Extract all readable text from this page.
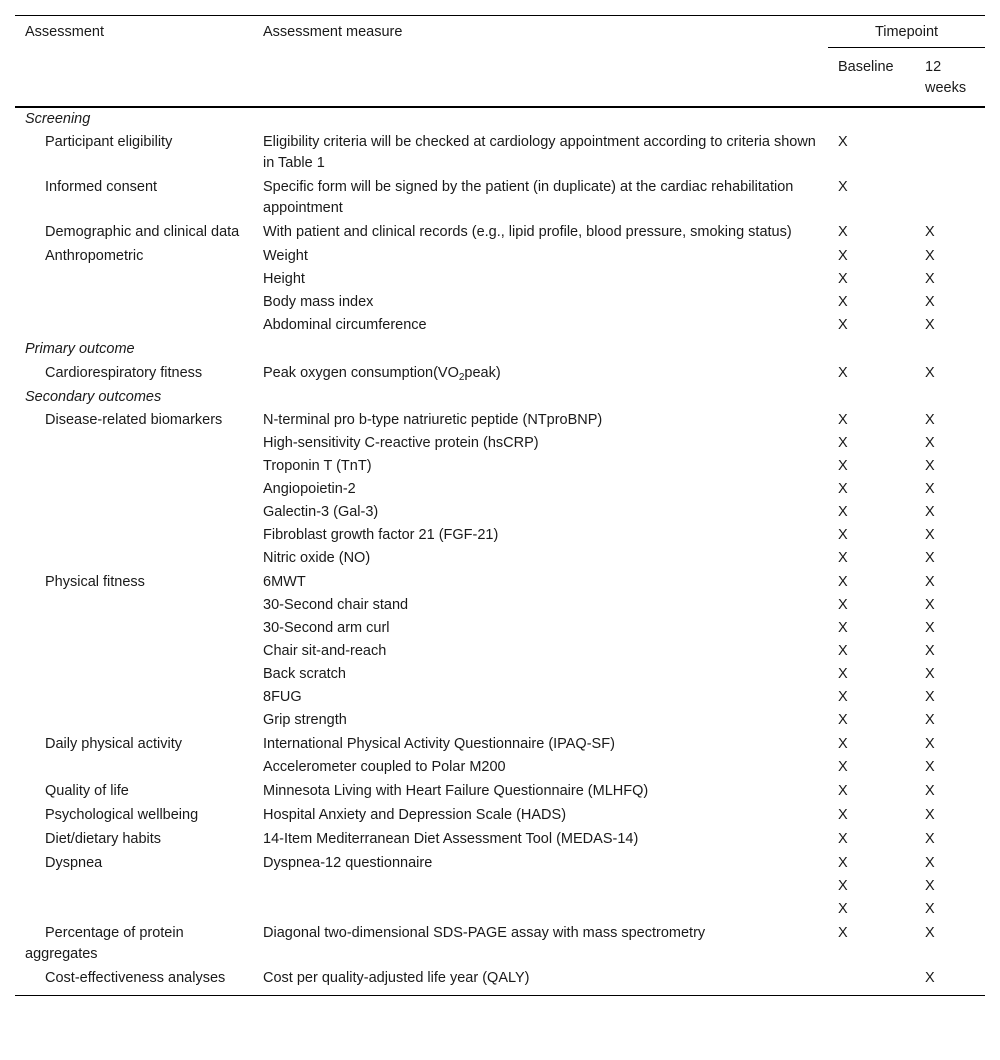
Assessment	Assessment measure	Timepoint	

		Baseline	12 weeks
Screening			
Participant eligibility	Eligibility criteria will be checked at cardiology appointment according to criteria shown in Table 1	X	
Informed consent	Specific form will be signed by the patient (in duplicate) at the cardiac rehabilitation appointment	X	
Demographic and clinical data	With patient and clinical records (e.g., lipid profile, blood pressure, smoking status)	X	X
Anthropometric	Weight	X	X
	Height	X	X
	Body mass index	X	X
	Abdominal circumference	X	X
Primary outcome			
Cardiorespiratory fitness	Peak oxygen $consumption(VO_2peak)$	X	X
Secondary outcomes			
Disease-related biomarkers	N-terminal pro b-type natriuretic peptide (NTproBNP)	X	X
	High-sensitivity C-reactive protein (hsCRP)	X	X
	Troponin T (TnT)	X	X
	Angiopoietin-2	X	X
	Galectin-3 (Gal-3)	X	X
	Fibroblast growth factor 21 (FGF-21)	X	X
	Nitric oxide (NO)	X	X
Physical fitness	6MWT	X	X
	30-Second chair stand	X	X
	30-Second arm curl	X	X
	Chair sit-and-reach	X	X
	Back scratch	X	X
	8FUG	X	X
	Grip strength	X	X
Daily physical activity	International Physical Activity Questionnaire (IPAQ-SF)	X	X
	Accelerometer coupled to Polar M200	X	X
Quality of life	Minnesota Living with Heart Failure Questionnaire (MLHFQ)	X	X
Psychological wellbeing	Hospital Anxiety and Depression Scale (HADS)	X	X
Diet/dietary habits	14-Item Mediterranean Diet Assessment Tool (MEDAS-14)	X	X
Dyspnea	Dyspnea-12 questionnaire	X	X
		X	X
		X	X
Percentage of protein aggregates	Diagonal two-dimensional SDS-PAGE assay with mass spectrometry	X	X
Cost-effectiveness analyses	Cost per quality-adjusted life year (QALY)		X
